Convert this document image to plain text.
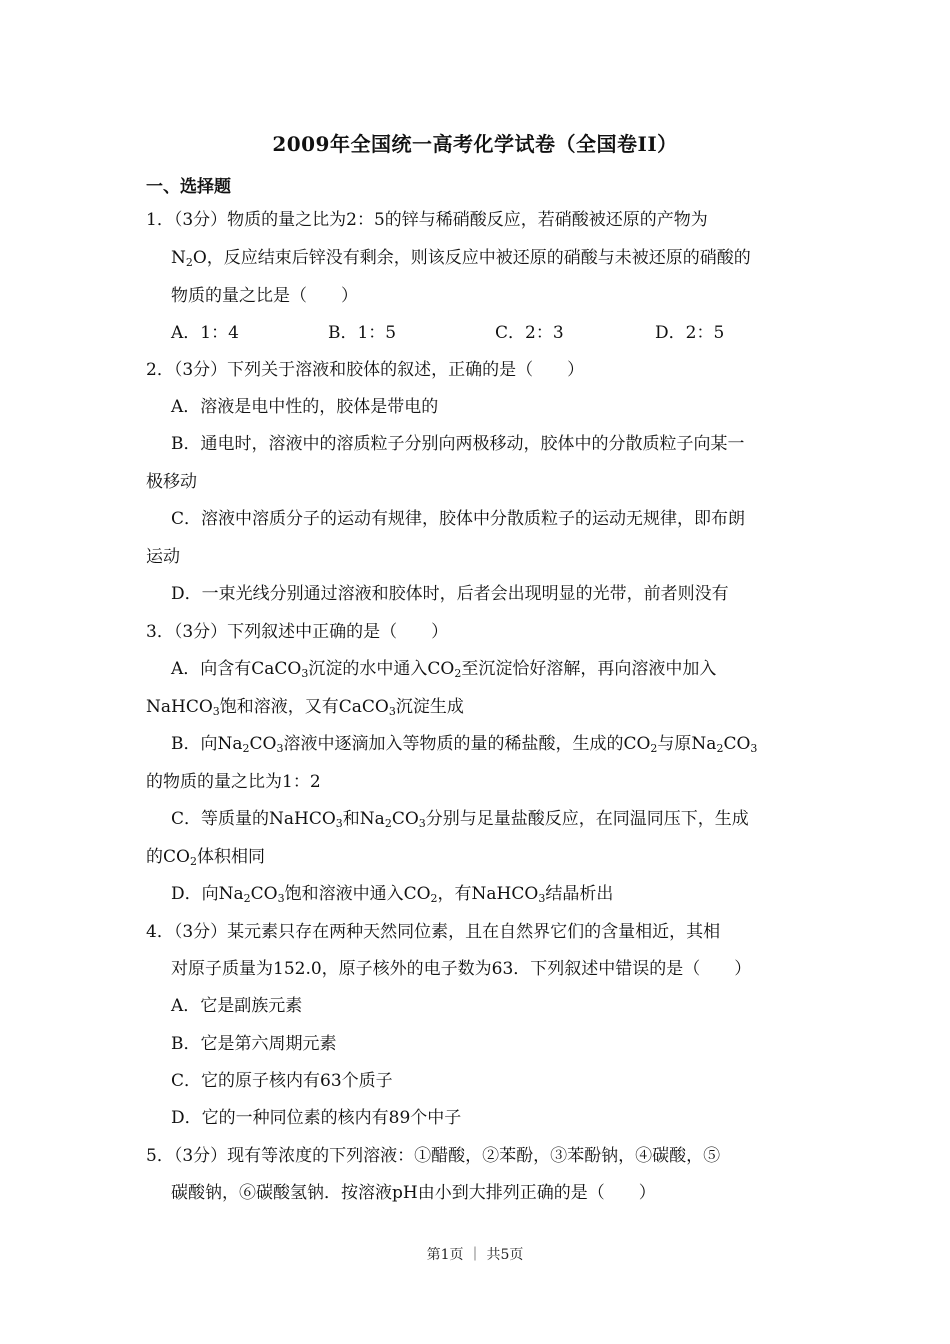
2009年全国统一高考化学试卷（全国卷II）
一、选择题
1．（3分）物质的量之比为2：5的锌与稀硝酸反应，若硝酸被还原的产物为
$N_2O$，反应结束后锌没有剩余，则该反应中被还原的硝酸与未被还原的硝酸的
物质的量之比是（　　）
A．1：4	B．1：5	C．2：3	D．2：5
2．（3分）下列关于溶液和胶体的叙述，正确的是（　　）
A．溶液是电中性的，胶体是带电的
B．通电时，溶液中的溶质粒子分别向两极移动，胶体中的分散质粒子向某一
极移动
C．溶液中溶质分子的运动有规律，胶体中分散质粒子的运动无规律，即布朗
运动
D．一束光线分别通过溶液和胶体时，后者会出现明显的光带，前者则没有
3．（3分）下列叙述中正确的是（　　）
A．向含有CaCO$_3$沉淀的水中通入$CO_2$至沉淀恰好溶解，再向溶液中加入
NaHCO$_3$饱和溶液，又有CaCO$_3$沉淀生成
B．向$Na_2CO_3$溶液中逐滴加入等物质的量的稀盐酸，生成的$CO_2$与原$Na_2CO_3$
的物质的量之比为1：2
C．等质量的NaHCO$_3$和$Na_2CO_3$分别与足量盐酸反应，在同温同压下，生成
的$CO_2$体积相同
D．向$Na_2CO_3$饱和溶液中通入$CO_2$，有NaHCO$_3$结晶析出
4．（3分）某元素只存在两种天然同位素，且在自然界它们的含量相近，其相
对原子质量为152.0，原子核外的电子数为63．下列叙述中错误的是（　　）
A．它是副族元素
B．它是第六周期元素
C．它的原子核内有63个质子
D．它的一种同位素的核内有89个中子
5．（3分）现有等浓度的下列溶液：①醋酸，②苯酚，③苯酚钠，④碳酸，⑤
碳酸钠，⑥碳酸氢钠．按溶液pH由小到大排列正确的是（　　）
第1页 ｜ 共5页
